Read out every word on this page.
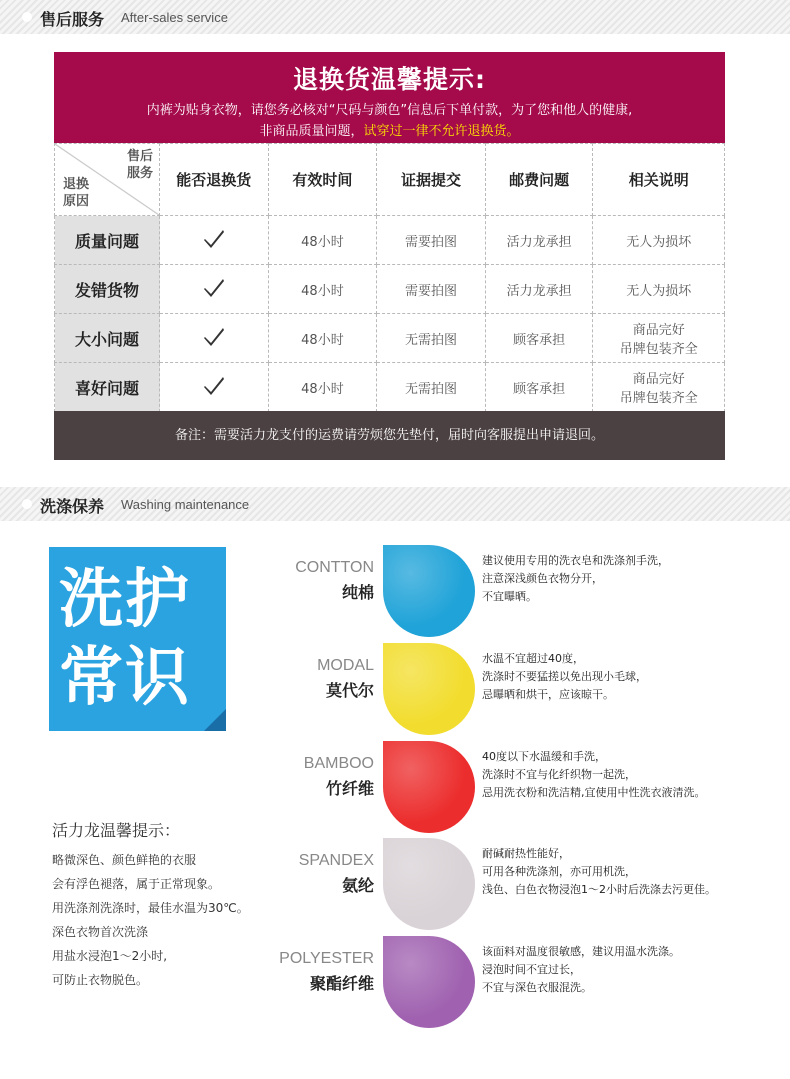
售后服务 After-sales service
退换货温馨提示:
内裤为贴身衣物，请您务必核对“尺码与颜色”信息后下单付款，为了您和他人的健康,
非商品质量问题，试穿过一律不允许退换货。
售后
服务
退换
原因	能否退换货	有效时间	证据提交	邮费问题	相关说明
质量问题		48小时	需要拍图	活力龙承担	无人为损坏

发错货物		48小时	需要拍图	活力龙承担	无人为损坏

大小问题		48小时	无需拍图	顾客承担	商品完好
吊牌包装齐全

喜好问题		48小时	无需拍图	顾客承担	商品完好
吊牌包装齐全
备注：需要活力龙支付的运费请劳烦您先垫付，届时向客服提出申请退回。
洗涤保养 Washing maintenance
洗护
常识
活力龙温馨提示：
略微深色、颜色鲜艳的衣服
会有浮色褪落，属于正常现象。
用洗涤剂洗涤时，最佳水温为30℃。
深色衣物首次洗涤
用盐水浸泡1～2小时,
可防止衣物脱色。
CONTTON
纯棉
建议使用专用的洗衣皂和洗涤剂手洗，
注意深浅颜色衣物分开，
不宜曝晒。
MODAL
莫代尔
水温不宜超过40度，
洗涤时不要猛搓以免出现小毛球，
忌曝晒和烘干，应该晾干。
BAMBOO
竹纤维
40度以下水温缓和手洗，
洗涤时不宜与化纤织物一起洗，
忌用洗衣粉和洗洁精,宜使用中性洗衣液清洗。
SPANDEX
氨纶
耐碱耐热性能好，
可用各种洗涤剂，亦可用机洗，
浅色、白色衣物浸泡1～2小时后洗涤去污更佳。
POLYESTER
聚酯纤维
该面料对温度很敏感，建议用温水洗涤。
浸泡时间不宜过长，
不宜与深色衣服混洗。
